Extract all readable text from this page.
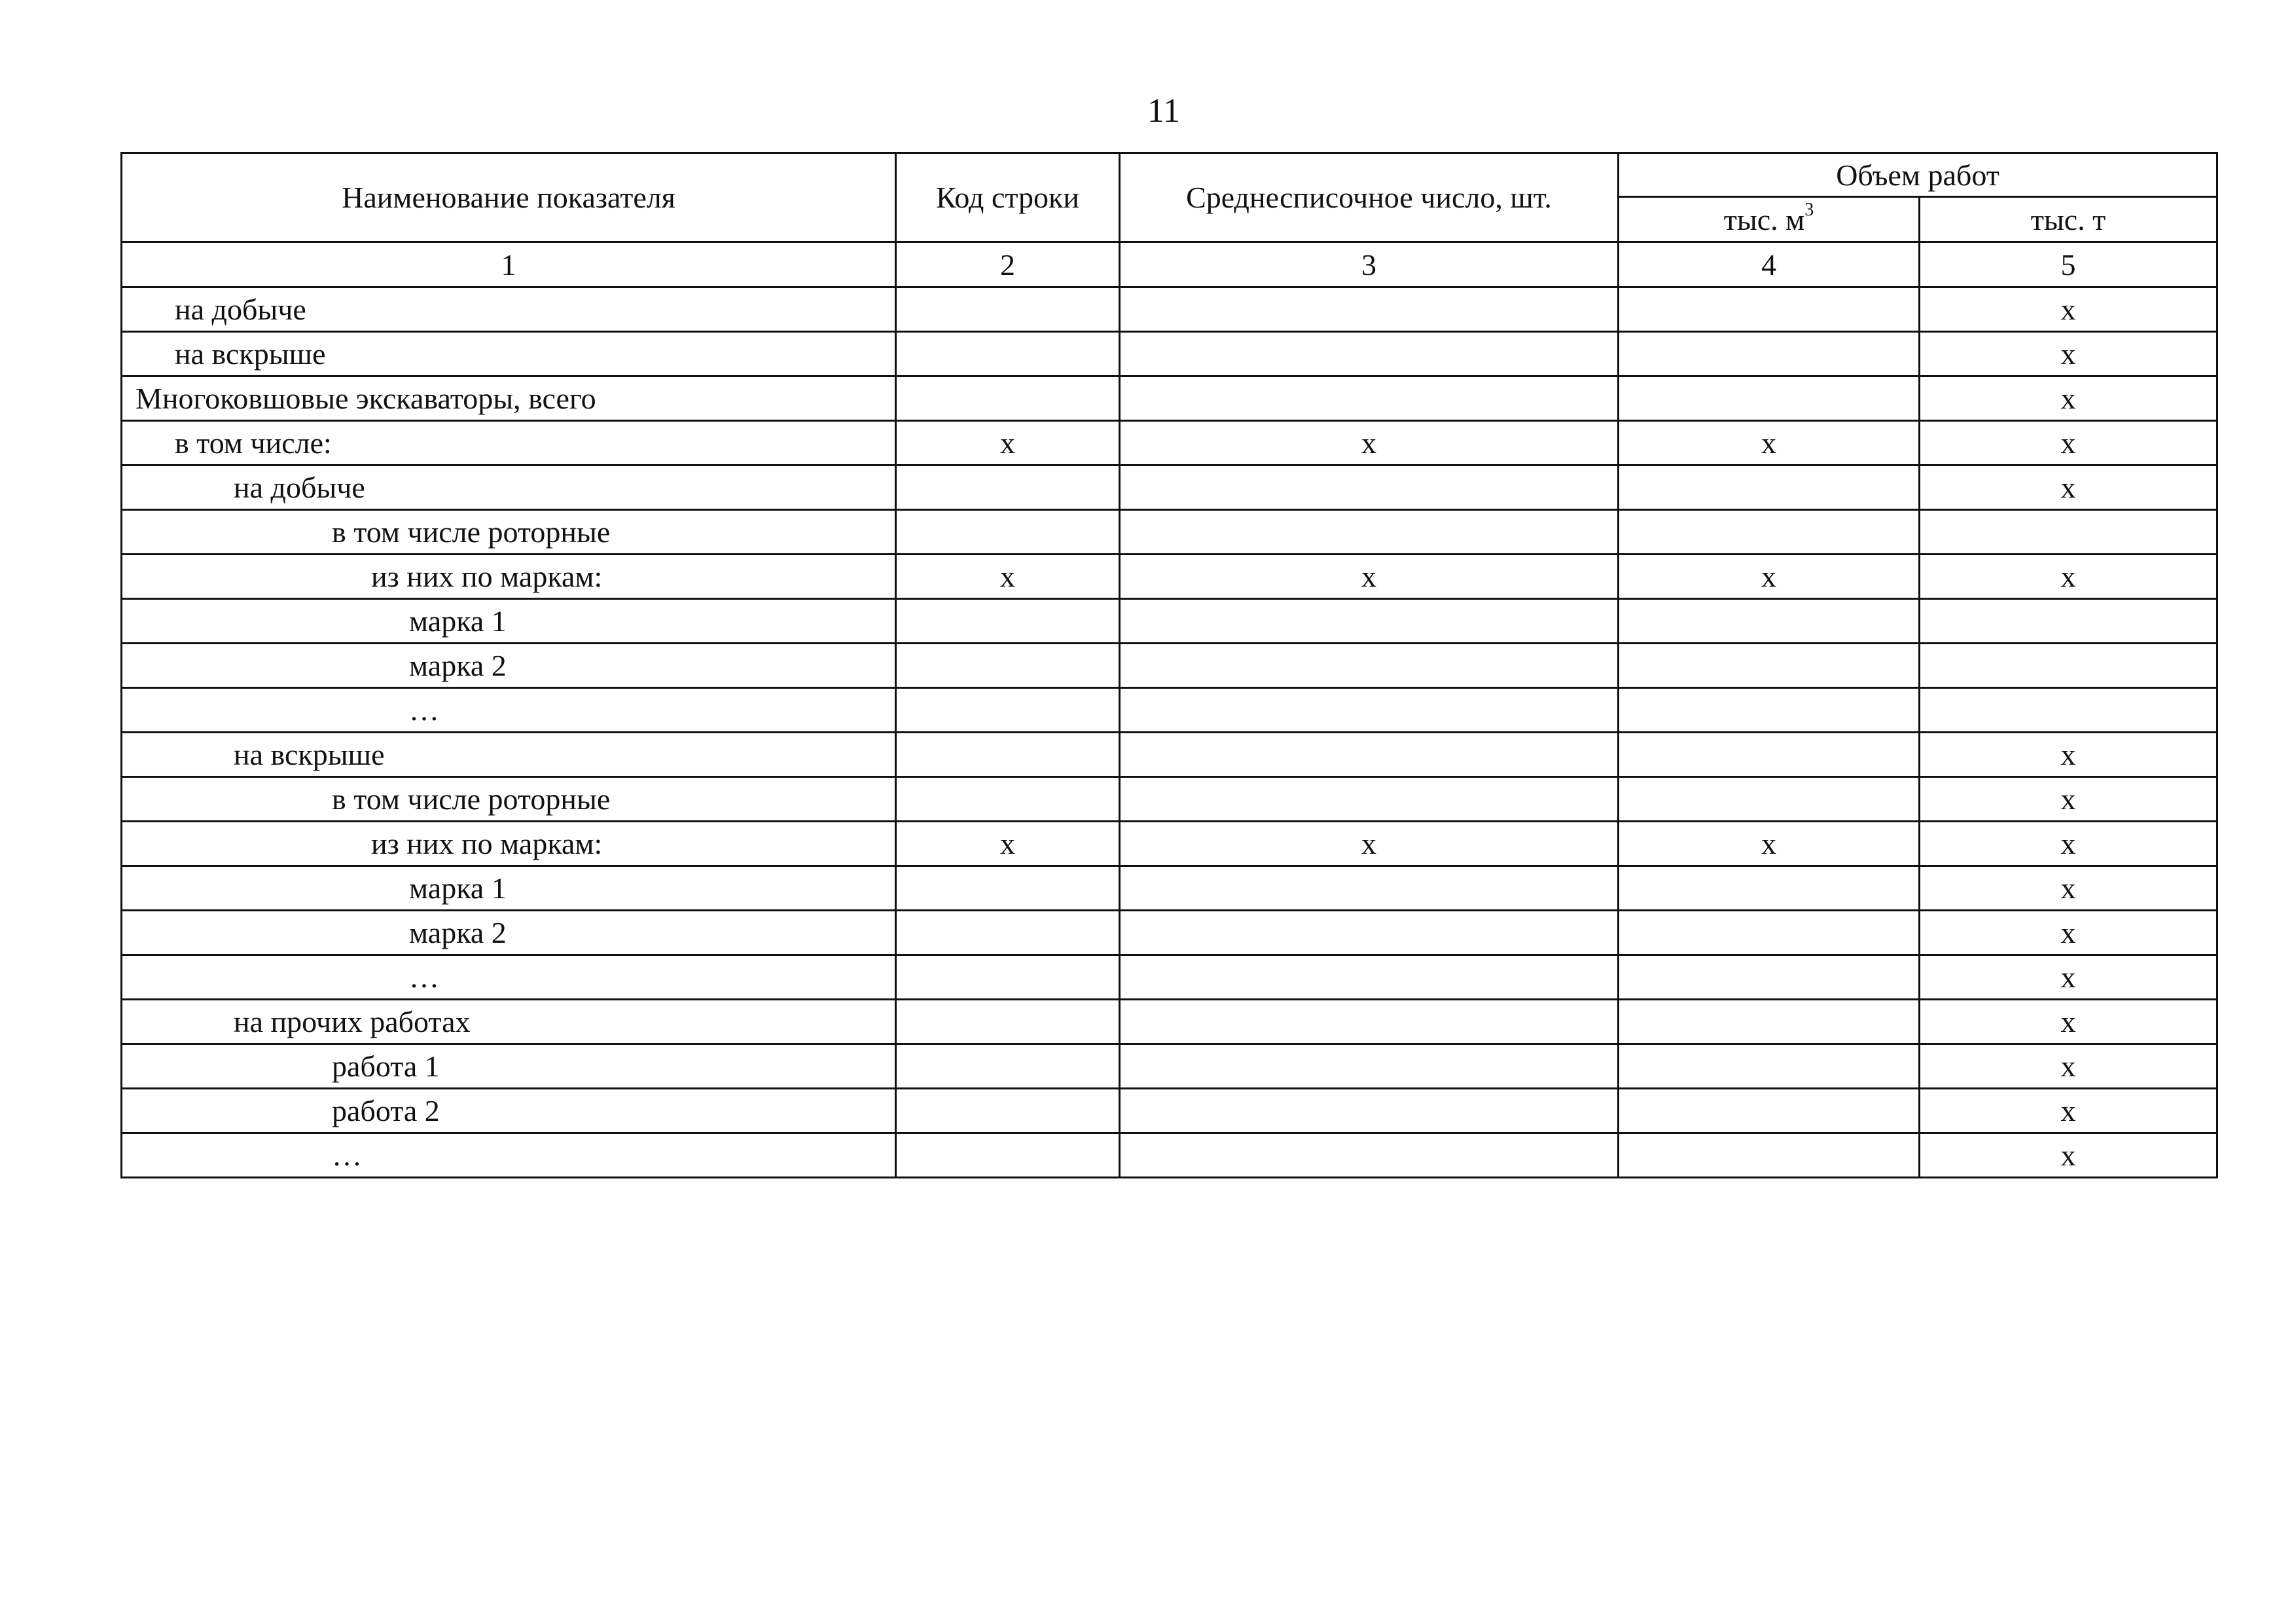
11
Наименование показателя	Код строки	Среднесписочное число, шт.	Объем работ	
			тыс. $м^3$	тыс. т
1	2	3	4	5
на добыче				x
на вскрыше				x
Многоковшовые экскаваторы, всего				x
в том числе:	x	x	x	x
на добыче				x
в том числе роторные				
из них по маркам:	x	x	x	x
марка 1				
марка 2				
…				
на вскрыше				x
в том числе роторные				x
из них по маркам:	x	x	x	x
марка 1				x
марка 2				x
…				x
на прочих работах				x
работа 1				x
работа 2				x
…				x
